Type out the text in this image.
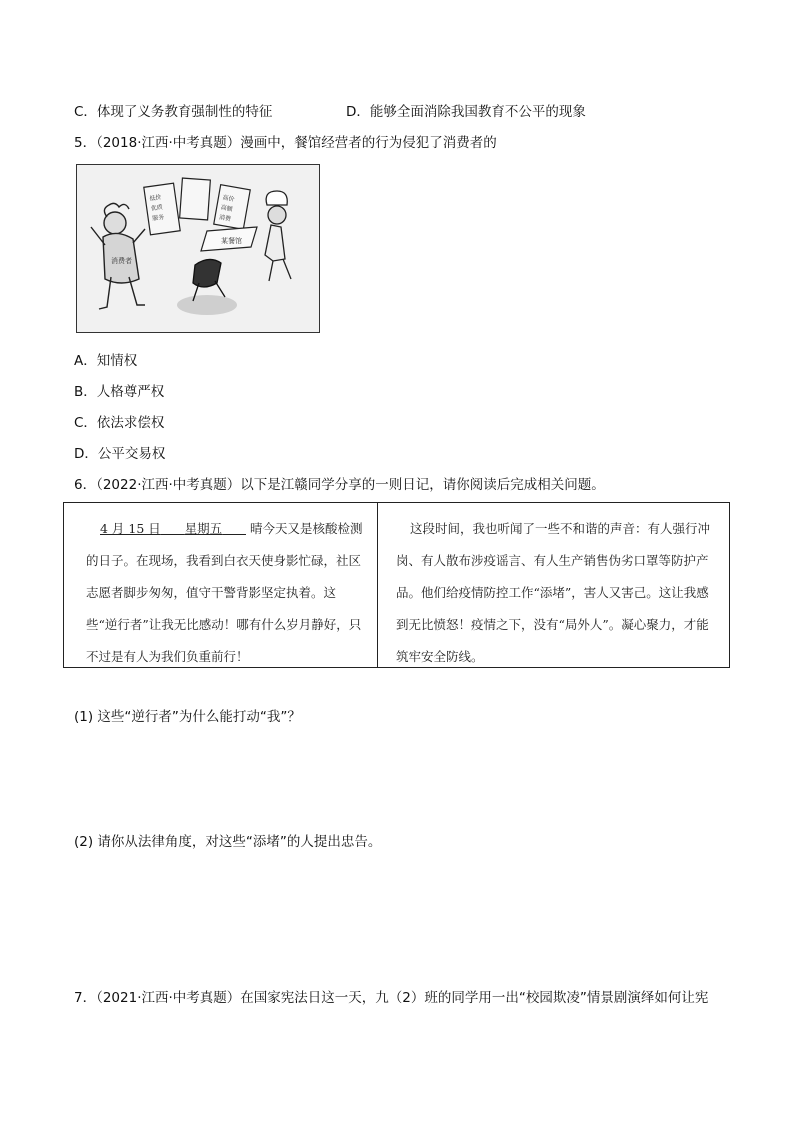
C．体现了义务教育强制性的特征	D．能够全面消除我国教育不公平的现象
5．（2018·江西·中考真题）漫画中，餐馆经营者的行为侵犯了消费者的
消费者
低价
优质
服务
高价
高额
消费
某餐馆
A．知情权
B．人格尊严权
C．依法求偿权
D．公平交易权
6．（2022·江西·中考真题）以下是江赣同学分享的一则日记，请你阅读后完成相关问题。
4 月 15 日 星期五 晴今天又是核酸检测的日子。在现场，我看到白衣天使身影忙碌，社区志愿者脚步匆匆，值守干警背影坚定执着。这些“逆行者”让我无比感动！哪有什么岁月静好，只不过是有人为我们负重前行！
这段时间，我也听闻了一些不和谐的声音：有人强行冲岗、有人散布涉疫谣言、有人生产销售伪劣口罩等防护产品。他们给疫情防控工作“添堵”，害人又害己。这让我感到无比愤怒！疫情之下，没有“局外人”。凝心聚力，才能筑牢安全防线。
(1) 这些“逆行者”为什么能打动“我”？
(2) 请你从法律角度，对这些“添堵”的人提出忠告。
7．（2021·江西·中考真题）在国家宪法日这一天，九（2）班的同学用一出“校园欺凌”情景剧演绎如何让宪
